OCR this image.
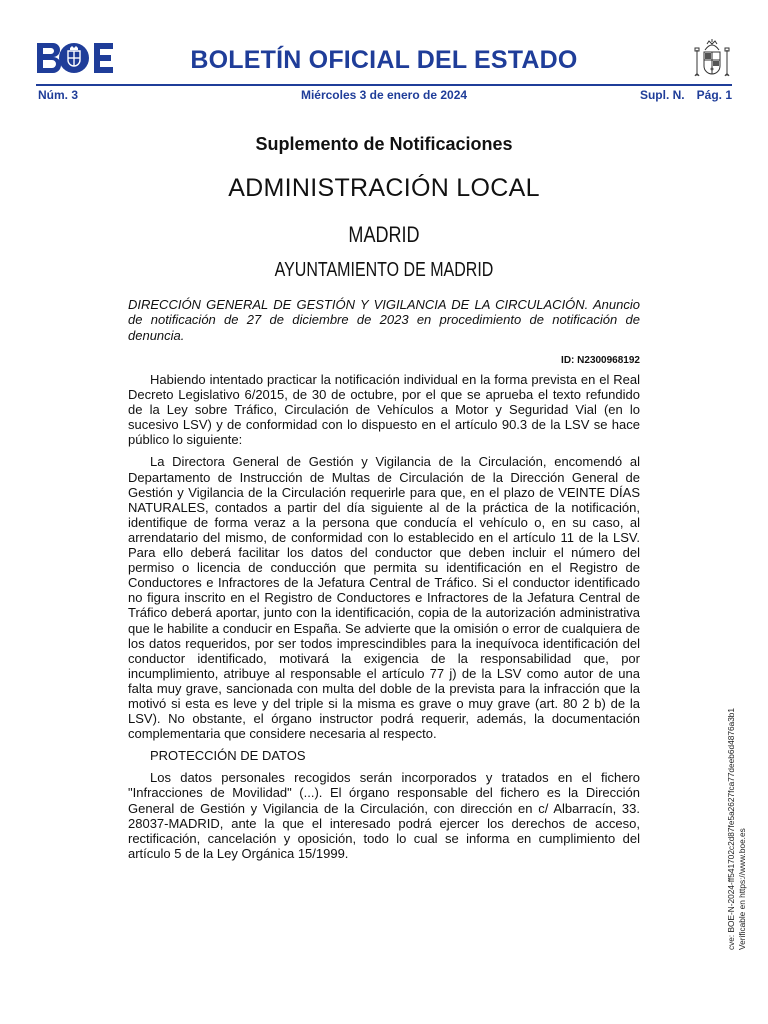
BOLETÍN OFICIAL DEL ESTADO
Núm. 3	Miércoles 3 de enero de 2024	Supl. N. Pág. 1
Suplemento de Notificaciones
ADMINISTRACIÓN LOCAL
MADRID
AYUNTAMIENTO DE MADRID
DIRECCIÓN GENERAL DE GESTIÓN Y VIGILANCIA DE LA CIRCULACIÓN. Anuncio de notificación de 27 de diciembre de 2023 en procedimiento de notificación de denuncia.
ID: N2300968192

Habiendo intentado practicar la notificación individual en la forma prevista en el Real Decreto Legislativo 6/2015, de 30 de octubre, por el que se aprueba el texto refundido de la Ley sobre Tráfico, Circulación de Vehículos a Motor y Seguridad Vial (en lo sucesivo LSV) y de conformidad con lo dispuesto en el artículo 90.3 de la LSV se hace público lo siguiente:

La Directora General de Gestión y Vigilancia de la Circulación, encomendó al Departamento de Instrucción de Multas de Circulación de la Dirección General de Gestión y Vigilancia de la Circulación requerirle para que, en el plazo de VEINTE DÍAS NATURALES, contados a partir del día siguiente al de la práctica de la notificación, identifique de forma veraz a la persona que conducía el vehículo o, en su caso, al arrendatario del mismo, de conformidad con lo establecido en el artículo 11 de la LSV. Para ello deberá facilitar los datos del conductor que deben incluir el número del permiso o licencia de conducción que permita su identificación en el Registro de Conductores e Infractores de la Jefatura Central de Tráfico. Si el conductor identificado no figura inscrito en el Registro de Conductores e Infractores de la Jefatura Central de Tráfico deberá aportar, junto con la identificación, copia de la autorización administrativa que le habilite a conducir en España. Se advierte que la omisión o error de cualquiera de los datos requeridos, por ser todos imprescindibles para la inequívoca identificación del conductor identificado, motivará la exigencia de la responsabilidad que, por incumplimiento, atribuye al responsable el artículo 77 j) de la LSV como autor de una falta muy grave, sancionada con multa del doble de la prevista para la infracción que la motivó si esta es leve y del triple si la misma es grave o muy grave (art. 80 2 b) de la LSV). No obstante, el órgano instructor podrá requerir, además, la documentación complementaria que considere necesaria al respecto.

PROTECCIÓN DE DATOS

Los datos personales recogidos serán incorporados y tratados en el fichero "Infracciones de Movilidad" (...). El órgano responsable del fichero es la Dirección General de Gestión y Vigilancia de la Circulación, con dirección en c/ Albarracín, 33. 28037-MADRID, ante la que el interesado podrá ejercer los derechos de acceso, rectificación, cancelación y oposición, todo lo cual se informa en cumplimiento del artículo 5 de la Ley Orgánica 15/1999.	cve: BOE-N-2024-ff541702c2d87fe5a2627fca77deeb6d4876a3b1 Verificable en https://www.boe.es
